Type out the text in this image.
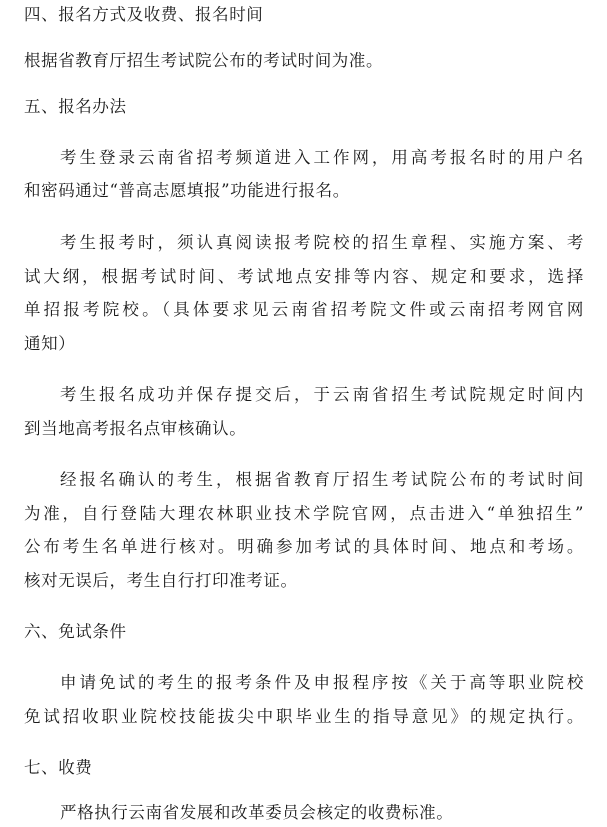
四、报名方式及收费、报名时间
根据省教育厅招生考试院公布的考试时间为准。
五、报名办法
考生登录云南省招考频道进入工作网，用高考报名时的用户名
和密码通过“普高志愿填报”功能进行报名。
考生报考时，须认真阅读报考院校的招生章程、实施方案、考
试大纲，根据考试时间、考试地点安排等内容、规定和要求，选择
单招报考院校。（具体要求见云南省招考院文件或云南招考网官网
通知）
考生报名成功并保存提交后，于云南省招生考试院规定时间内
到当地高考报名点审核确认。
经报名确认的考生，根据省教育厅招生考试院公布的考试时间
为准，自行登陆大理农林职业技术学院官网，点击进入“单独招生”
公布考生名单进行核对。明确参加考试的具体时间、地点和考场。
核对无误后，考生自行打印准考证。
六、免试条件
申请免试的考生的报考条件及申报程序按《关于高等职业院校
免试招收职业院校技能拔尖中职毕业生的指导意见》的规定执行。
七、收费
严格执行云南省发展和改革委员会核定的收费标准。
